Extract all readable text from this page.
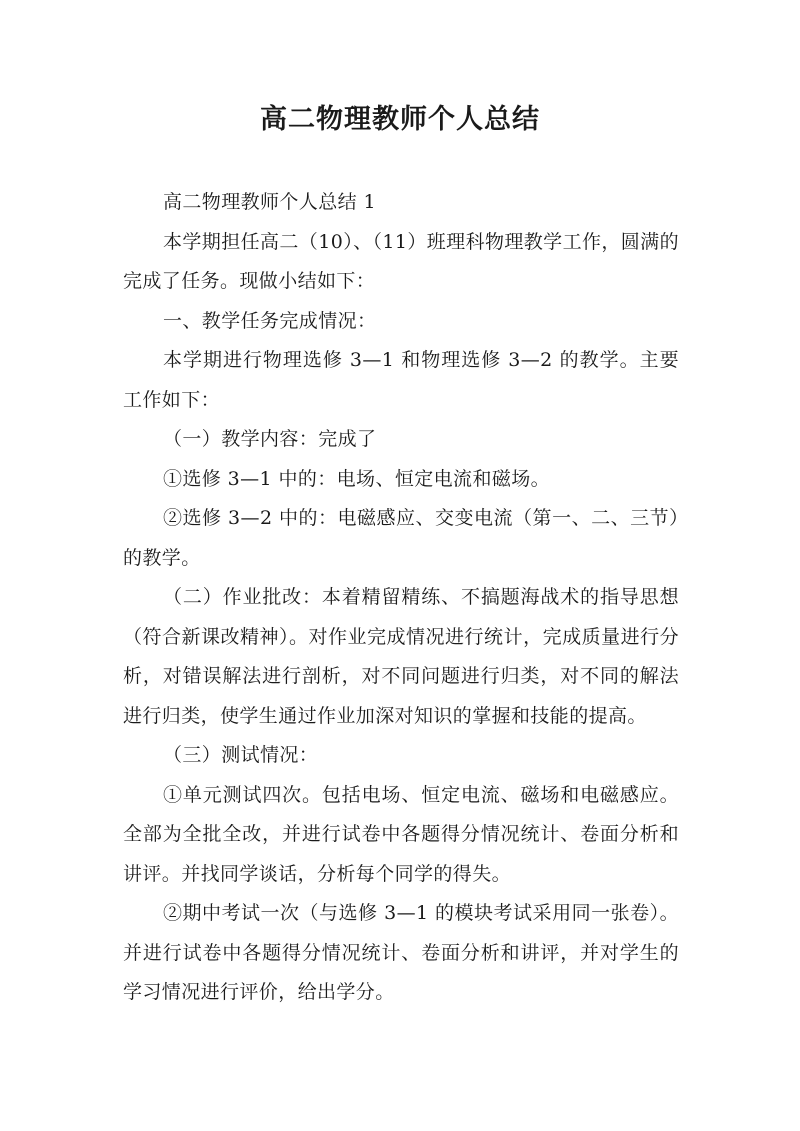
高二物理教师个人总结

高二物理教师个人总结 1

本学期担任高二（10）、（11）班理科物理教学工作，圆满的完成了任务。现做小结如下：

一、教学任务完成情况：

本学期进行物理选修 3—1 和物理选修 3—2 的教学。主要工作如下：

（一）教学内容：完成了

①选修 3—1 中的：电场、恒定电流和磁场。

②选修 3—2 中的：电磁感应、交变电流（第一、二、三节）的教学。

（二）作业批改：本着精留精练、不搞题海战术的指导思想（符合新课改精神）。对作业完成情况进行统计，完成质量进行分析，对错误解法进行剖析，对不同问题进行归类，对不同的解法进行归类，使学生通过作业加深对知识的掌握和技能的提高。

（三）测试情况：

①单元测试四次。包括电场、恒定电流、磁场和电磁感应。全部为全批全改，并进行试卷中各题得分情况统计、卷面分析和讲评。并找同学谈话，分析每个同学的得失。

②期中考试一次（与选修 3—1 的模块考试采用同一张卷）。并进行试卷中各题得分情况统计、卷面分析和讲评，并对学生的学习情况进行评价，给出学分。
